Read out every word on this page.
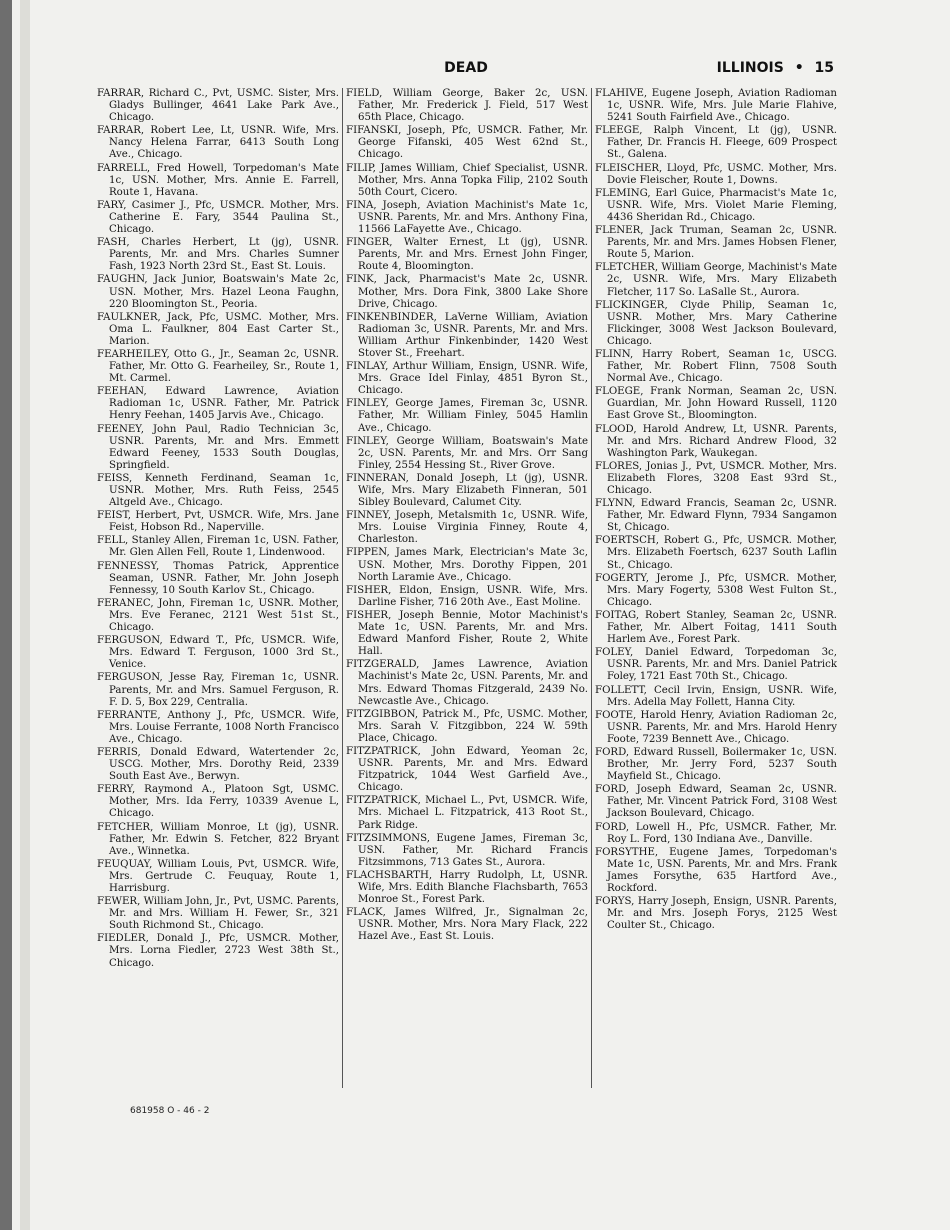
DEAD	ILLINOIS • 15

FARRAR, Richard C., Pvt, USMC. Sister, Mrs. Gladys Bullinger, 4641 Lake Park Ave., Chicago.

FARRAR, Robert Lee, Lt, USNR. Wife, Mrs. Nancy Helena Farrar, 6413 South Long Ave., Chicago.

FARRELL, Fred Howell, Torpedoman's Mate 1c, USN. Mother, Mrs. Annie E. Farrell, Route 1, Havana.

FARY, Casimer J., Pfc, USMCR. Mother, Mrs. Catherine E. Fary, 3544 Paulina St., Chicago.

FASH, Charles Herbert, Lt (jg), USNR. Parents, Mr. and Mrs. Charles Sumner Fash, 1923 North 23rd St., East St. Louis.

FAUGHN, Jack Junior, Boatswain's Mate 2c, USN. Mother, Mrs. Hazel Leona Faughn, 220 Bloomington St., Peoria.

FAULKNER, Jack, Pfc, USMC. Mother, Mrs. Oma L. Faulkner, 804 East Carter St., Marion.

FEARHEILEY, Otto G., Jr., Seaman 2c, USNR. Father, Mr. Otto G. Fearheiley, Sr., Route 1, Mt. Carmel.

FEEHAN, Edward Lawrence, Aviation Radioman 1c, USNR. Father, Mr. Patrick Henry Feehan, 1405 Jarvis Ave., Chicago.

FEENEY, John Paul, Radio Technician 3c, USNR. Parents, Mr. and Mrs. Emmett Edward Feeney, 1533 South Douglas, Springfield.

FEISS, Kenneth Ferdinand, Seaman 1c, USNR. Mother, Mrs. Ruth Feiss, 2545 Altgeld Ave., Chicago.

FEIST, Herbert, Pvt, USMCR. Wife, Mrs. Jane Feist, Hobson Rd., Naperville.

FELL, Stanley Allen, Fireman 1c, USN. Father, Mr. Glen Allen Fell, Route 1, Lindenwood.

FENNESSY, Thomas Patrick, Apprentice Seaman, USNR. Father, Mr. John Joseph Fennessy, 10 South Karlov St., Chicago.

FERANEC, John, Fireman 1c, USNR. Mother, Mrs. Eve Feranec, 2121 West 51st St., Chicago.

FERGUSON, Edward T., Pfc, USMCR. Wife, Mrs. Edward T. Ferguson, 1000 3rd St., Venice.

FERGUSON, Jesse Ray, Fireman 1c, USNR. Parents, Mr. and Mrs. Samuel Ferguson, R. F. D. 5, Box 229, Centralia.

FERRANTE, Anthony J., Pfc, USMCR. Wife, Mrs. Louise Ferrante, 1008 North Francisco Ave., Chicago.

FERRIS, Donald Edward, Watertender 2c, USCG. Mother, Mrs. Dorothy Reid, 2339 South East Ave., Berwyn.

FERRY, Raymond A., Platoon Sgt, USMC. Mother, Mrs. Ida Ferry, 10339 Avenue L, Chicago.

FETCHER, William Monroe, Lt (jg), USNR. Father, Mr. Edwin S. Fetcher, 822 Bryant Ave., Winnetka.

FEUQUAY, William Louis, Pvt, USMCR. Wife, Mrs. Gertrude C. Feuquay, Route 1, Harrisburg.

FEWER, William John, Jr., Pvt, USMC. Parents, Mr. and Mrs. William H. Fewer, Sr., 321 South Richmond St., Chicago.

FIEDLER, Donald J., Pfc, USMCR. Mother, Mrs. Lorna Fiedler, 2723 West 38th St., Chicago.

FIELD, William George, Baker 2c, USN. Father, Mr. Frederick J. Field, 517 West 65th Place, Chicago.

FIFANSKI, Joseph, Pfc, USMCR. Father, Mr. George Fifanski, 405 West 62nd St., Chicago.

FILIP, James William, Chief Specialist, USNR. Mother, Mrs. Anna Topka Filip, 2102 South 50th Court, Cicero.

FINA, Joseph, Aviation Machinist's Mate 1c, USNR. Parents, Mr. and Mrs. Anthony Fina, 11566 LaFayette Ave., Chicago.

FINGER, Walter Ernest, Lt (jg), USNR. Parents, Mr. and Mrs. Ernest John Finger, Route 4, Bloomington.

FINK, Jack, Pharmacist's Mate 2c, USNR. Mother, Mrs. Dora Fink, 3800 Lake Shore Drive, Chicago.

FINKENBINDER, LaVerne William, Aviation Radioman 3c, USNR. Parents, Mr. and Mrs. William Arthur Finkenbinder, 1420 West Stover St., Freehart.

FINLAY, Arthur William, Ensign, USNR. Wife, Mrs. Grace Idel Finlay, 4851 Byron St., Chicago.

FINLEY, George James, Fireman 3c, USNR. Father, Mr. William Finley, 5045 Hamlin Ave., Chicago.

FINLEY, George William, Boatswain's Mate 2c, USN. Parents, Mr. and Mrs. Orr Sang Finley, 2554 Hessing St., River Grove.

FINNERAN, Donald Joseph, Lt (jg), USNR. Wife, Mrs. Mary Elizabeth Finneran, 501 Sibley Boulevard, Calumet City.

FINNEY, Joseph, Metalsmith 1c, USNR. Wife, Mrs. Louise Virginia Finney, Route 4, Charleston.

FIPPEN, James Mark, Electrician's Mate 3c, USN. Mother, Mrs. Dorothy Fippen, 201 North Laramie Ave., Chicago.

FISHER, Eldon, Ensign, USNR. Wife, Mrs. Darline Fisher, 716 20th Ave., East Moline.

FISHER, Joseph Bennie, Motor Machinist's Mate 1c, USN. Parents, Mr. and Mrs. Edward Manford Fisher, Route 2, White Hall.

FITZGERALD, James Lawrence, Aviation Machinist's Mate 2c, USN. Parents, Mr. and Mrs. Edward Thomas Fitzgerald, 2439 No. Newcastle Ave., Chicago.

FITZGIBBON, Patrick M., Pfc, USMC. Mother, Mrs. Sarah V. Fitzgibbon, 224 W. 59th Place, Chicago.

FITZPATRICK, John Edward, Yeoman 2c, USNR. Parents, Mr. and Mrs. Edward Fitzpatrick, 1044 West Garfield Ave., Chicago.

FITZPATRICK, Michael L., Pvt, USMCR. Wife, Mrs. Michael L. Fitzpatrick, 413 Root St., Park Ridge.

FITZSIMMONS, Eugene James, Fireman 3c, USN. Father, Mr. Richard Francis Fitzsimmons, 713 Gates St., Aurora.

FLACHSBARTH, Harry Rudolph, Lt, USNR. Wife, Mrs. Edith Blanche Flachsbarth, 7653 Monroe St., Forest Park.

FLACK, James Wilfred, Jr., Signalman 2c, USNR. Mother, Mrs. Nora Mary Flack, 222 Hazel Ave., East St. Louis.

FLAHIVE, Eugene Joseph, Aviation Radioman 1c, USNR. Wife, Mrs. Jule Marie Flahive, 5241 South Fairfield Ave., Chicago.

FLEEGE, Ralph Vincent, Lt (jg), USNR. Father, Dr. Francis H. Fleege, 609 Prospect St., Galena.

FLEISCHER, Lloyd, Pfc, USMC. Mother, Mrs. Dovie Fleischer, Route 1, Downs.

FLEMING, Earl Guice, Pharmacist's Mate 1c, USNR. Wife, Mrs. Violet Marie Fleming, 4436 Sheridan Rd., Chicago.

FLENER, Jack Truman, Seaman 2c, USNR. Parents, Mr. and Mrs. James Hobsen Flener, Route 5, Marion.

FLETCHER, William George, Machinist's Mate 2c, USNR. Wife, Mrs. Mary Elizabeth Fletcher, 117 So. LaSalle St., Aurora.

FLICKINGER, Clyde Philip, Seaman 1c, USNR. Mother, Mrs. Mary Catherine Flickinger, 3008 West Jackson Boulevard, Chicago.

FLINN, Harry Robert, Seaman 1c, USCG. Father, Mr. Robert Flinn, 7508 South Normal Ave., Chicago.

FLOEGE, Frank Norman, Seaman 2c, USN. Guardian, Mr. John Howard Russell, 1120 East Grove St., Bloomington.

FLOOD, Harold Andrew, Lt, USNR. Parents, Mr. and Mrs. Richard Andrew Flood, 32 Washington Park, Waukegan.

FLORES, Jonias J., Pvt, USMCR. Mother, Mrs. Elizabeth Flores, 3208 East 93rd St., Chicago.

FLYNN, Edward Francis, Seaman 2c, USNR. Father, Mr. Edward Flynn, 7934 Sangamon St, Chicago.

FOERTSCH, Robert G., Pfc, USMCR. Mother, Mrs. Elizabeth Foertsch, 6237 South Laflin St., Chicago.

FOGERTY, Jerome J., Pfc, USMCR. Mother, Mrs. Mary Fogerty, 5308 West Fulton St., Chicago.

FOITAG, Robert Stanley, Seaman 2c, USNR. Father, Mr. Albert Foitag, 1411 South Harlem Ave., Forest Park.

FOLEY, Daniel Edward, Torpedoman 3c, USNR. Parents, Mr. and Mrs. Daniel Patrick Foley, 1721 East 70th St., Chicago.

FOLLETT, Cecil Irvin, Ensign, USNR. Wife, Mrs. Adella May Follett, Hanna City.

FOOTE, Harold Henry, Aviation Radioman 2c, USNR. Parents, Mr. and Mrs. Harold Henry Foote, 7239 Bennett Ave., Chicago.

FORD, Edward Russell, Boilermaker 1c, USN. Brother, Mr. Jerry Ford, 5237 South Mayfield St., Chicago.

FORD, Joseph Edward, Seaman 2c, USNR. Father, Mr. Vincent Patrick Ford, 3108 West Jackson Boulevard, Chicago.

FORD, Lowell H., Pfc, USMCR. Father, Mr. Roy L. Ford, 130 Indiana Ave., Danville.

FORSYTHE, Eugene James, Torpedoman's Mate 1c, USN. Parents, Mr. and Mrs. Frank James Forsythe, 635 Hartford Ave., Rockford.

FORYS, Harry Joseph, Ensign, USNR. Parents, Mr. and Mrs. Joseph Forys, 2125 West Coulter St., Chicago.

681958 O - 46 - 2
